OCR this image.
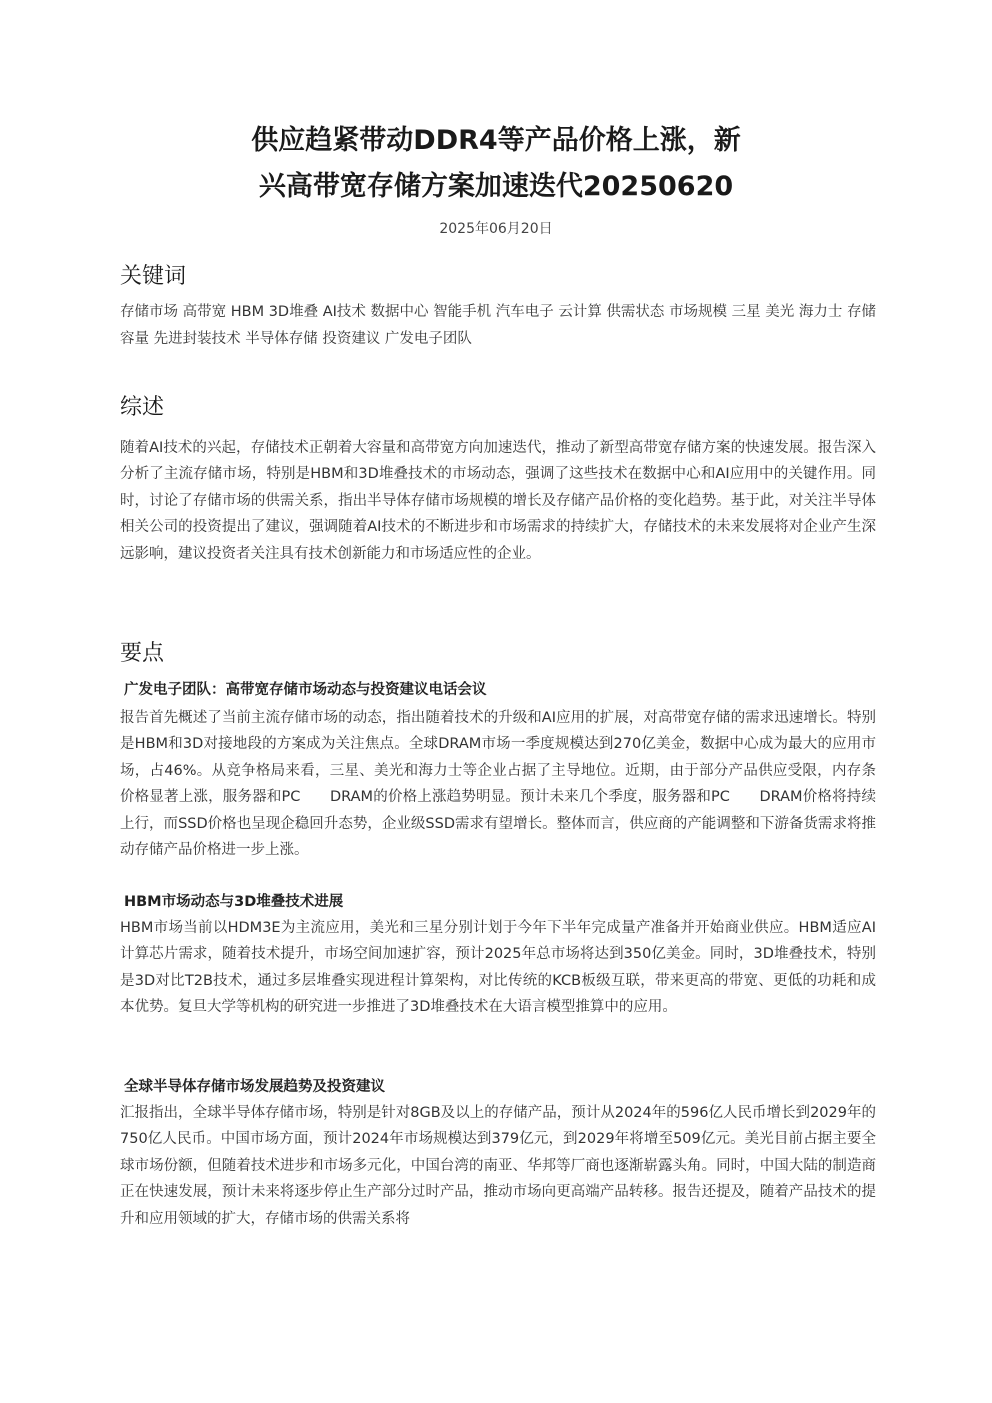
供应趋紧带动DDR4等产品价格上涨，新
兴高带宽存储方案加速迭代20250620
2025年06月20日
关键词

存储市场 高带宽 HBM 3D堆叠 AI技术 数据中心 智能手机 汽车电子 云计算 供需状态 市场规模 三星 美光 海力士 存储容量 先进封装技术 半导体存储 投资建议 广发电子团队

综述

随着AI技术的兴起，存储技术正朝着大容量和高带宽方向加速迭代，推动了新型高带宽存储方案的快速发展。报告深入分析了主流存储市场，特别是HBM和3D堆叠技术的市场动态，强调了这些技术在数据中心和AI应用中的关键作用。同时，讨论了存储市场的供需关系，指出半导体存储市场规模的增长及存储产品价格的变化趋势。基于此，对关注半导体相关公司的投资提出了建议，强调随着AI技术的不断进步和市场需求的持续扩大，存储技术的未来发展将对企业产生深远影响，建议投资者关注具有技术创新能力和市场适应性的企业。

要点
广发电子团队：高带宽存储市场动态与投资建议电话会议

报告首先概述了当前主流存储市场的动态，指出随着技术的升级和AI应用的扩展，对高带宽存储的需求迅速增长。特别是HBM和3D对接地段的方案成为关注焦点。全球DRAM市场一季度规模达到270亿美金，数据中心成为最大的应用市场，占46%。从竞争格局来看，三星、美光和海力士等企业占据了主导地位。近期，由于部分产品供应受限，内存条价格显著上涨，服务器和PC　　DRAM的价格上涨趋势明显。预计未来几个季度，服务器和PC　　DRAM价格将持续上行，而SSD价格也呈现企稳回升态势，企业级SSD需求有望增长。整体而言，供应商的产能调整和下游备货需求将推动存储产品价格进一步上涨。

HBM市场动态与3D堆叠技术进展

HBM市场当前以HDM3E为主流应用，美光和三星分别计划于今年下半年完成量产准备并开始商业供应。HBM适应AI计算芯片需求，随着技术提升，市场空间加速扩容，预计2025年总市场将达到350亿美金。同时，3D堆叠技术，特别是3D对比T2B技术，通过多层堆叠实现进程计算架构，对比传统的KCB板级互联，带来更高的带宽、更低的功耗和成本优势。复旦大学等机构的研究进一步推进了3D堆叠技术在大语言模型推算中的应用。

全球半导体存储市场发展趋势及投资建议

汇报指出，全球半导体存储市场，特别是针对8GB及以上的存储产品，预计从2024年的596亿人民币增长到2029年的750亿人民币。中国市场方面，预计2024年市场规模达到379亿元，到2029年将增至509亿元。美光目前占据主要全球市场份额，但随着技术进步和市场多元化，中国台湾的南亚、华邦等厂商也逐渐崭露头角。同时，中国大陆的制造商正在快速发展，预计未来将逐步停止生产部分过时产品，推动市场向更高端产品转移。报告还提及，随着产品技术的提升和应用领域的扩大，存储市场的供需关系将
